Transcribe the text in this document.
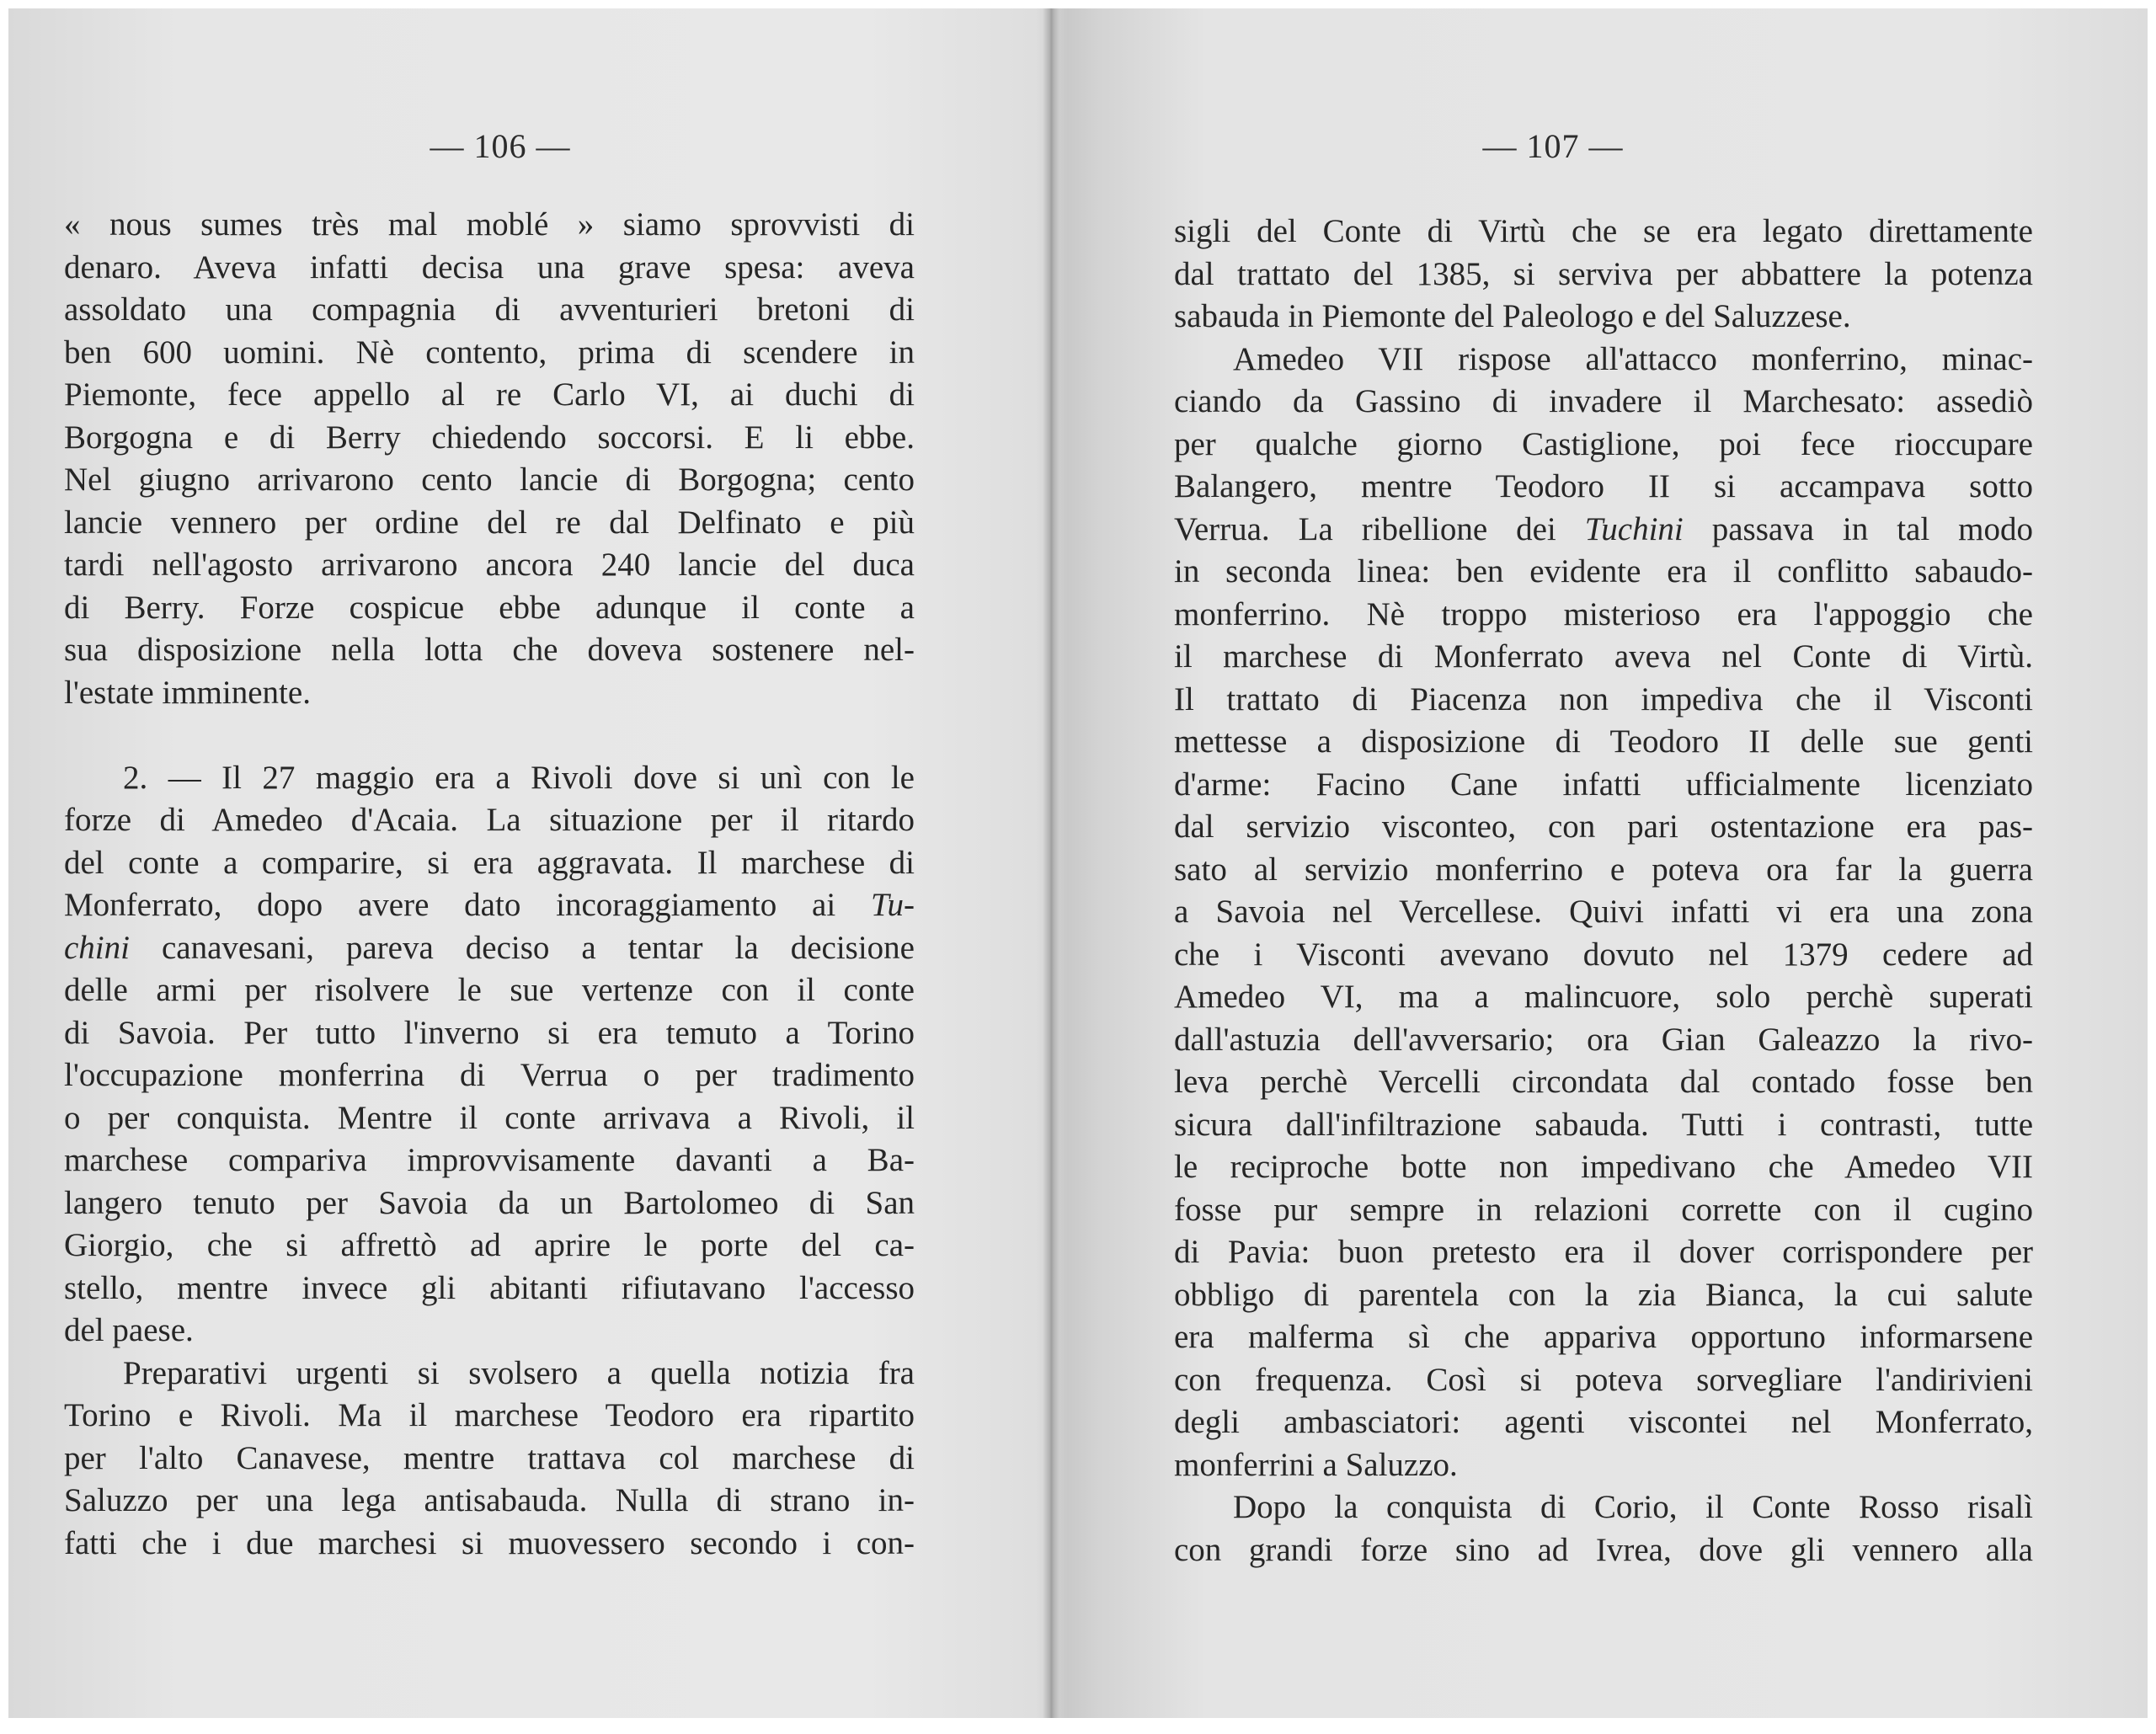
— 106 —
« nous sumes très mal moblé » siamo sprovvisti di
denaro. Aveva infatti decisa una grave spesa: aveva
assoldato una compagnia di avventurieri bretoni di
ben 600 uomini. Nè contento, prima di scendere in
Piemonte, fece appello al re Carlo VI, ai duchi di
Borgogna e di Berry chiedendo soccorsi. E li ebbe.
Nel giugno arrivarono cento lancie di Borgogna; cento
lancie vennero per ordine del re dal Delfinato e più
tardi nell'agosto arrivarono ancora 240 lancie del duca
di Berry. Forze cospicue ebbe adunque il conte a
sua disposizione nella lotta che doveva sostenere nel-
l'estate imminente.
2. — Il 27 maggio era a Rivoli dove si unì con le
forze di Amedeo d'Acaia. La situazione per il ritardo
del conte a comparire, si era aggravata. Il marchese di
Monferrato, dopo avere dato incoraggiamento ai Tu-
chini canavesani, pareva deciso a tentar la decisione
delle armi per risolvere le sue vertenze con il conte
di Savoia. Per tutto l'inverno si era temuto a Torino
l'occupazione monferrina di Verrua o per tradimento
o per conquista. Mentre il conte arrivava a Rivoli, il
marchese compariva improvvisamente davanti a Ba-
langero tenuto per Savoia da un Bartolomeo di San
Giorgio, che si affrettò ad aprire le porte del ca-
stello, mentre invece gli abitanti rifiutavano l'accesso
del paese.
Preparativi urgenti si svolsero a quella notizia fra
Torino e Rivoli. Ma il marchese Teodoro era ripartito
per l'alto Canavese, mentre trattava col marchese di
Saluzzo per una lega antisabauda. Nulla di strano in-
fatti che i due marchesi si muovessero secondo i con-
— 107 —
sigli del Conte di Virtù che se era legato direttamente
dal trattato del 1385, si serviva per abbattere la potenza
sabauda in Piemonte del Paleologo e del Saluzzese.
Amedeo VII rispose all'attacco monferrino, minac-
ciando da Gassino di invadere il Marchesato: assediò
per qualche giorno Castiglione, poi fece rioccupare
Balangero, mentre Teodoro II si accampava sotto
Verrua. La ribellione dei Tuchini passava in tal modo
in seconda linea: ben evidente era il conflitto sabaudo-
monferrino. Nè troppo misterioso era l'appoggio che
il marchese di Monferrato aveva nel Conte di Virtù.
Il trattato di Piacenza non impediva che il Visconti
mettesse a disposizione di Teodoro II delle sue genti
d'arme: Facino Cane infatti ufficialmente licenziato
dal servizio visconteo, con pari ostentazione era pas-
sato al servizio monferrino e poteva ora far la guerra
a Savoia nel Vercellese. Quivi infatti vi era una zona
che i Visconti avevano dovuto nel 1379 cedere ad
Amedeo VI, ma a malincuore, solo perchè superati
dall'astuzia dell'avversario; ora Gian Galeazzo la rivo-
leva perchè Vercelli circondata dal contado fosse ben
sicura dall'infiltrazione sabauda. Tutti i contrasti, tutte
le reciproche botte non impedivano che Amedeo VII
fosse pur sempre in relazioni corrette con il cugino
di Pavia: buon pretesto era il dover corrispondere per
obbligo di parentela con la zia Bianca, la cui salute
era malferma sì che appariva opportuno informarsene
con frequenza. Così si poteva sorvegliare l'andirivieni
degli ambasciatori: agenti viscontei nel Monferrato,
monferrini a Saluzzo.
Dopo la conquista di Corio, il Conte Rosso risalì
con grandi forze sino ad Ivrea, dove gli vennero alla
